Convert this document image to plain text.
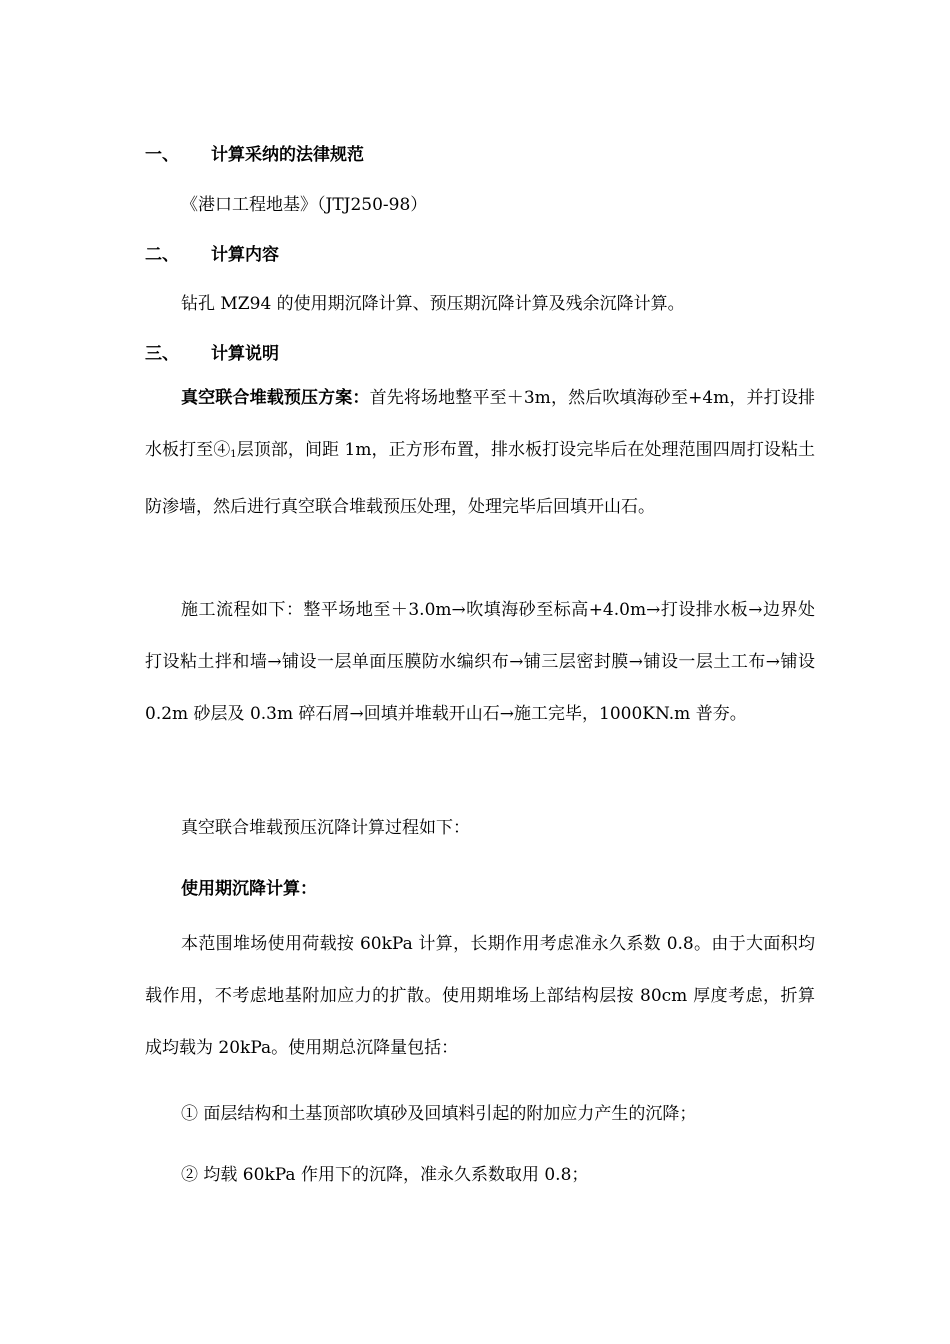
一、 计算采纳的法律规范
《港口工程地基》（JTJ250-98）
二、 计算内容
钻孔 MZ94 的使用期沉降计算、预压期沉降计算及残余沉降计算。
三、 计算说明
真空联合堆载预压方案：首先将场地整平至＋3m，然后吹填海砂至+4m，并打设排水板打至④1层顶部，间距 1m，正方形布置，排水板打设完毕后在处理范围四周打设粘土防渗墙，然后进行真空联合堆载预压处理，处理完毕后回填开山石。
施工流程如下：整平场地至＋3.0m→吹填海砂至标高+4.0m→打设排水板→边界处打设粘土拌和墙→铺设一层单面压膜防水编织布→铺三层密封膜→铺设一层土工布→铺设 0.2m 砂层及 0.3m 碎石屑→回填并堆载开山石→施工完毕，1000KN.m 普夯。
真空联合堆载预压沉降计算过程如下：
使用期沉降计算：
本范围堆场使用荷载按 60kPa 计算，长期作用考虑准永久系数 0.8。由于大面积均载作用，不考虑地基附加应力的扩散。使用期堆场上部结构层按 80cm 厚度考虑，折算成均载为 20kPa。使用期总沉降量包括：
① 面层结构和土基顶部吹填砂及回填料引起的附加应力产生的沉降；
② 均载 60kPa 作用下的沉降，准永久系数取用 0.8；
